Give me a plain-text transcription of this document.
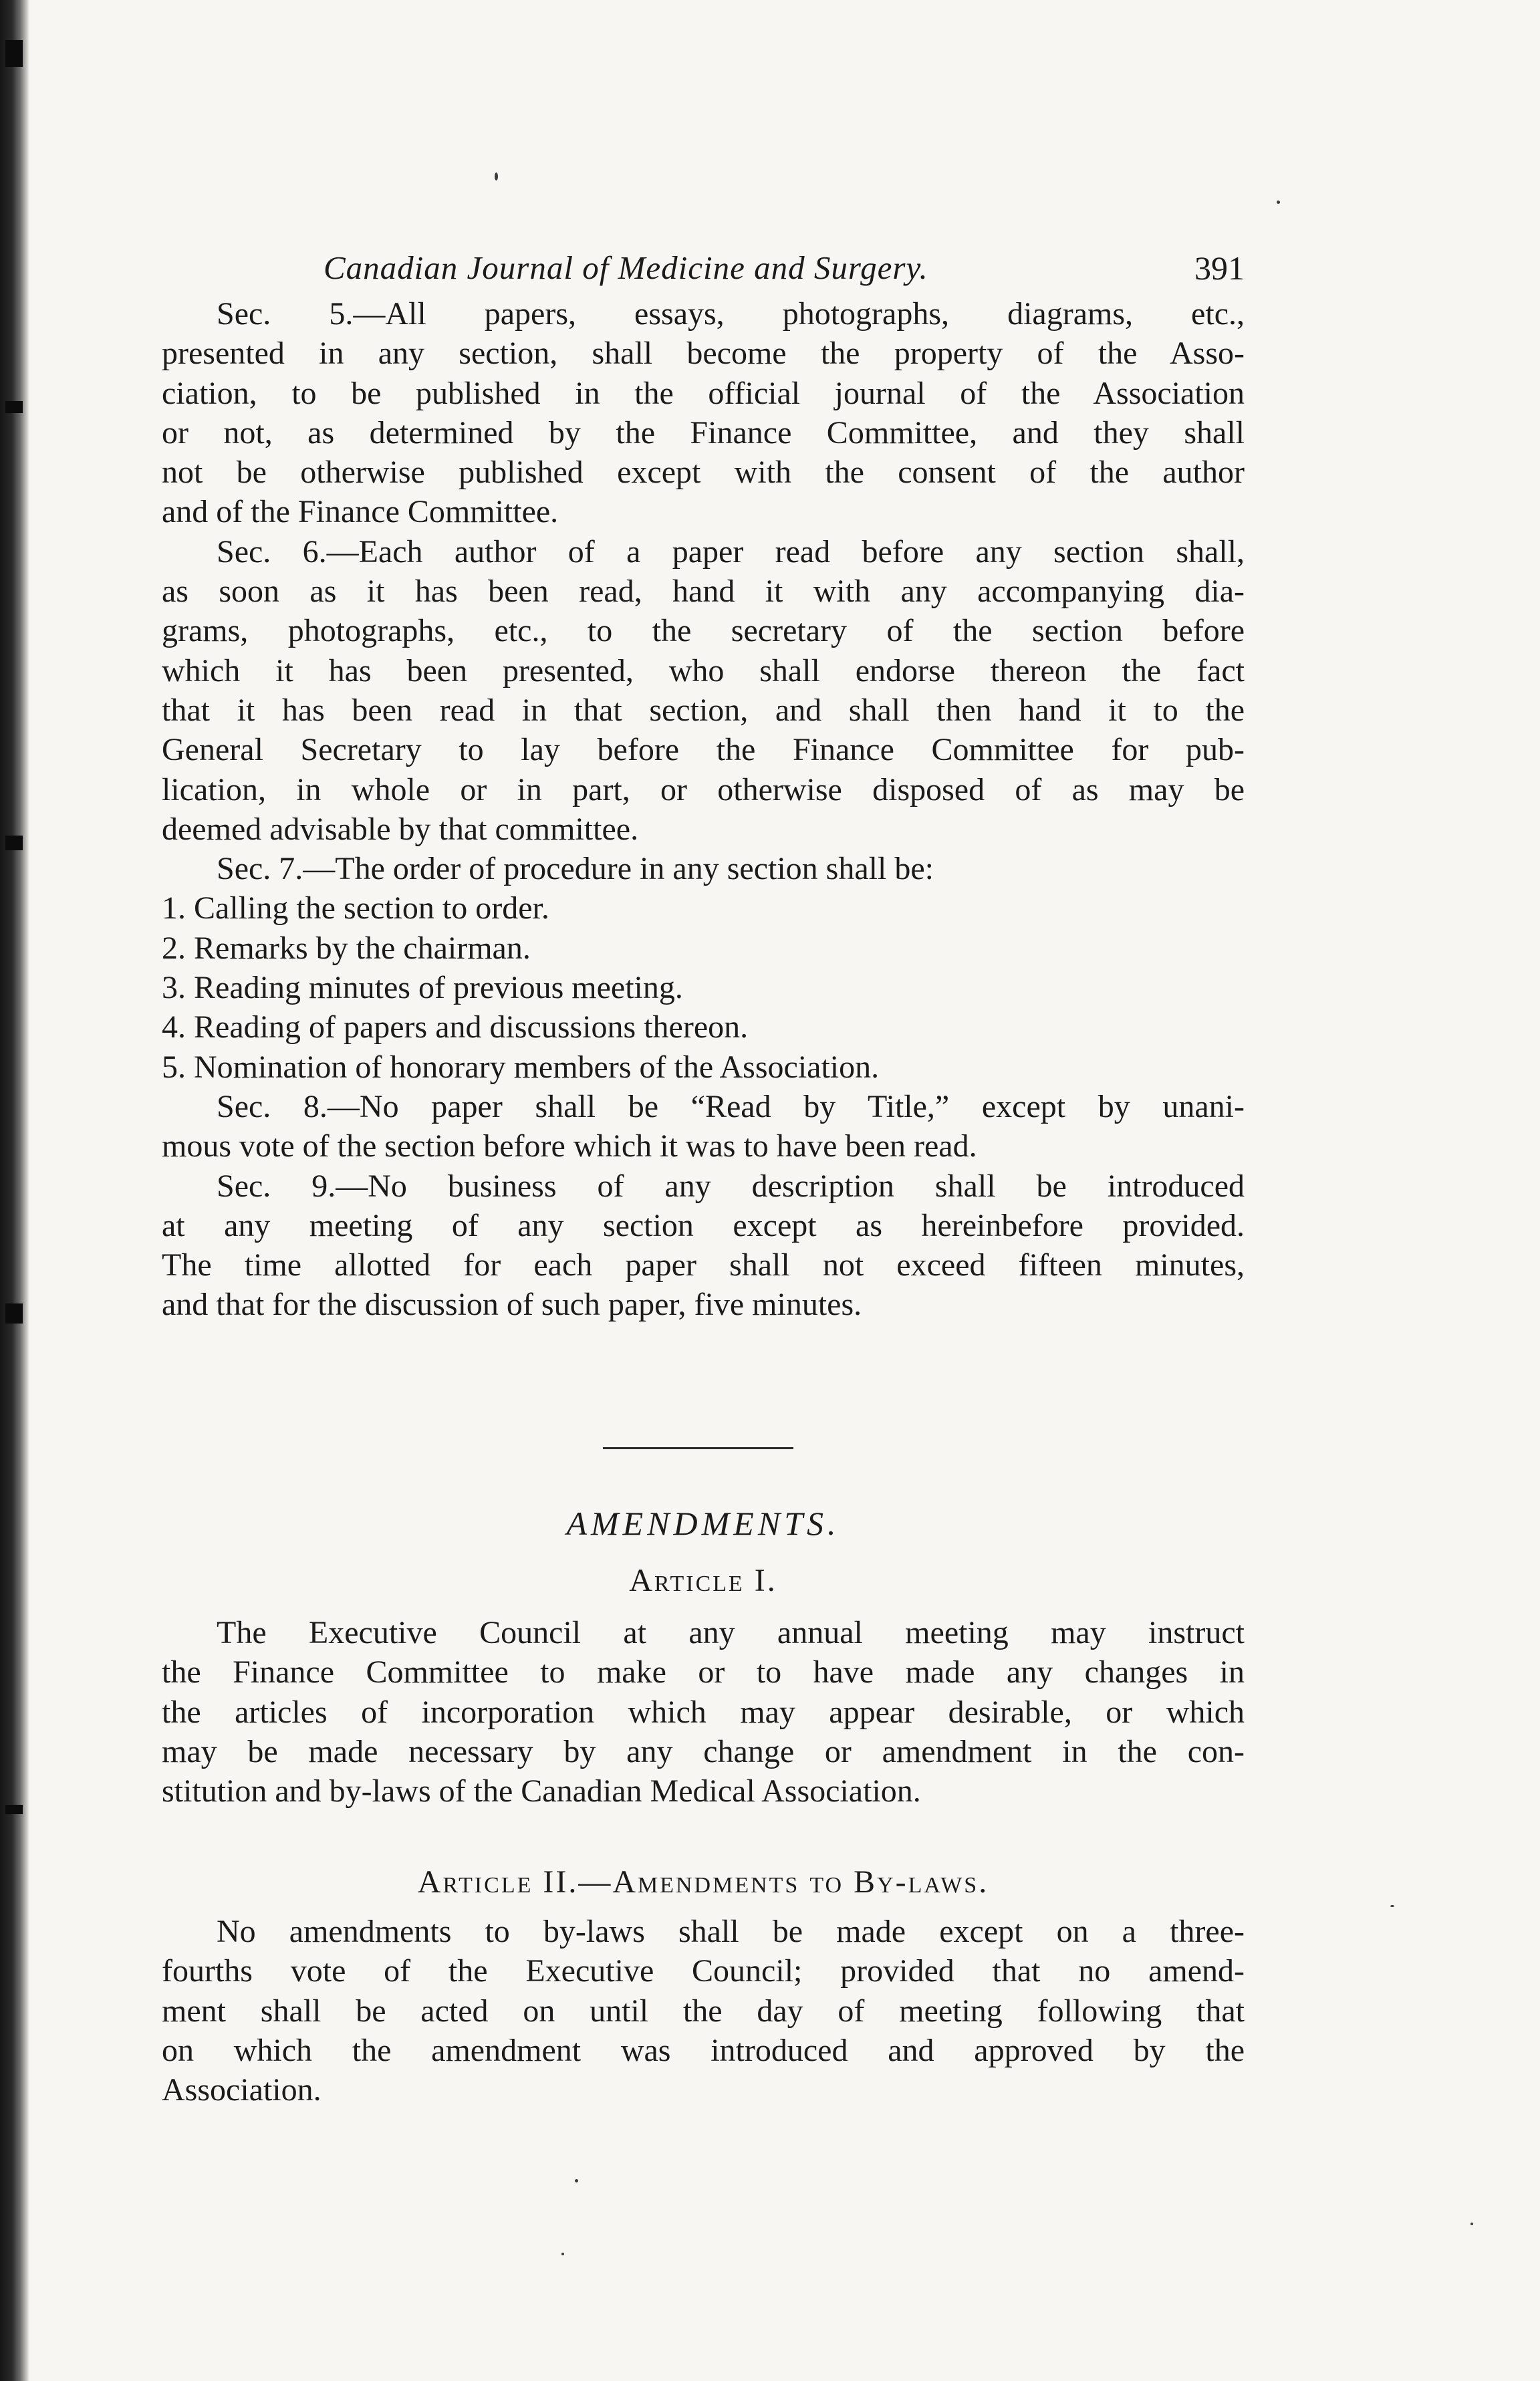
Canadian Journal of Medicine and Surgery.	391
Sec. 5.—All papers, essays, photographs, diagrams, etc.,
presented in any section, shall become the property of the Asso-
ciation, to be published in the official journal of the Association
or not, as determined by the Finance Committee, and they shall
not be otherwise published except with the consent of the author
and of the Finance Committee.
Sec. 6.—Each author of a paper read before any section shall,
as soon as it has been read, hand it with any accompanying dia-
grams, photographs, etc., to the secretary of the section before
which it has been presented, who shall endorse thereon the fact
that it has been read in that section, and shall then hand it to the
General Secretary to lay before the Finance Committee for pub-
lication, in whole or in part, or otherwise disposed of as may be
deemed advisable by that committee.
Sec. 7.—The order of procedure in any section shall be:
1. Calling the section to order.
2. Remarks by the chairman.
3. Reading minutes of previous meeting.
4. Reading of papers and discussions thereon.
5. Nomination of honorary members of the Association.
Sec. 8.—No paper shall be “Read by Title,” except by unani-
mous vote of the section before which it was to have been read.
Sec. 9.—No business of any description shall be introduced
at any meeting of any section except as hereinbefore provided.
The time allotted for each paper shall not exceed fifteen minutes,
and that for the discussion of such paper, five minutes.
AMENDMENTS.
Article I.
The Executive Council at any annual meeting may instruct
the Finance Committee to make or to have made any changes in
the articles of incorporation which may appear desirable, or which
may be made necessary by any change or amendment in the con-
stitution and by-laws of the Canadian Medical Association.
Article II.—Amendments to By-laws.
No amendments to by-laws shall be made except on a three-
fourths vote of the Executive Council; provided that no amend-
ment shall be acted on until the day of meeting following that
on which the amendment was introduced and approved by the
Association.
